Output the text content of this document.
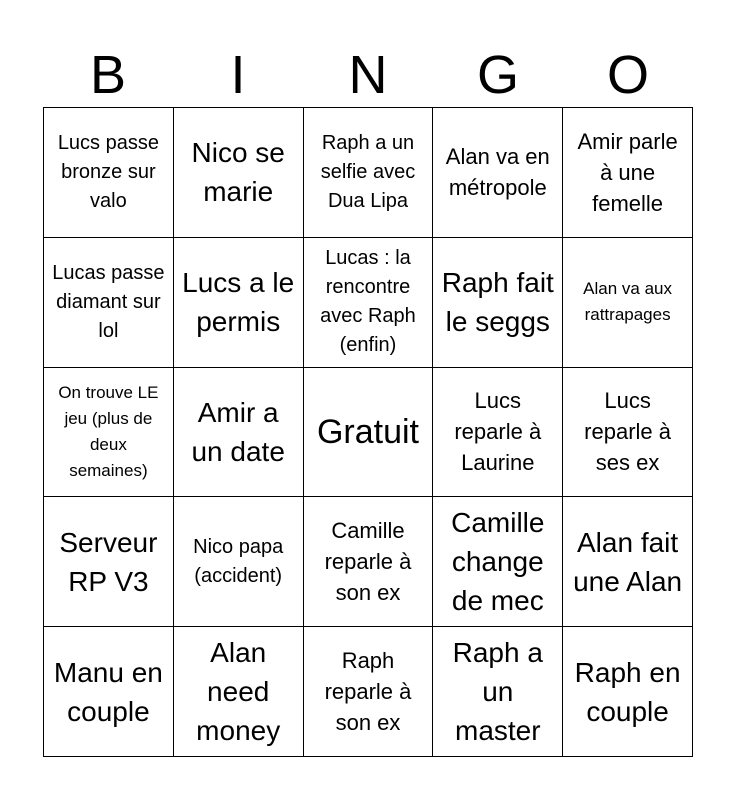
B	I	N	G	O
Lucs passe bronze sur valo
Nico se marie
Raph a un selfie avec Dua Lipa
Alan va en métropole
Amir parle à une femelle
Lucas passe diamant sur lol
Lucs a le permis
Lucas : la rencontre avec Raph (enfin)
Raph fait le seggs
Alan va aux rattrapages
On trouve LE jeu (plus de deux semaines)
Amir a un date
Gratuit
Lucs reparle à Laurine
Lucs reparle à ses ex
Serveur RP V3
Nico papa (accident)
Camille reparle à son ex
Camille change de mec
Alan fait une Alan
Manu en couple
Alan need money
Raph reparle à son ex
Raph a un master
Raph en couple
